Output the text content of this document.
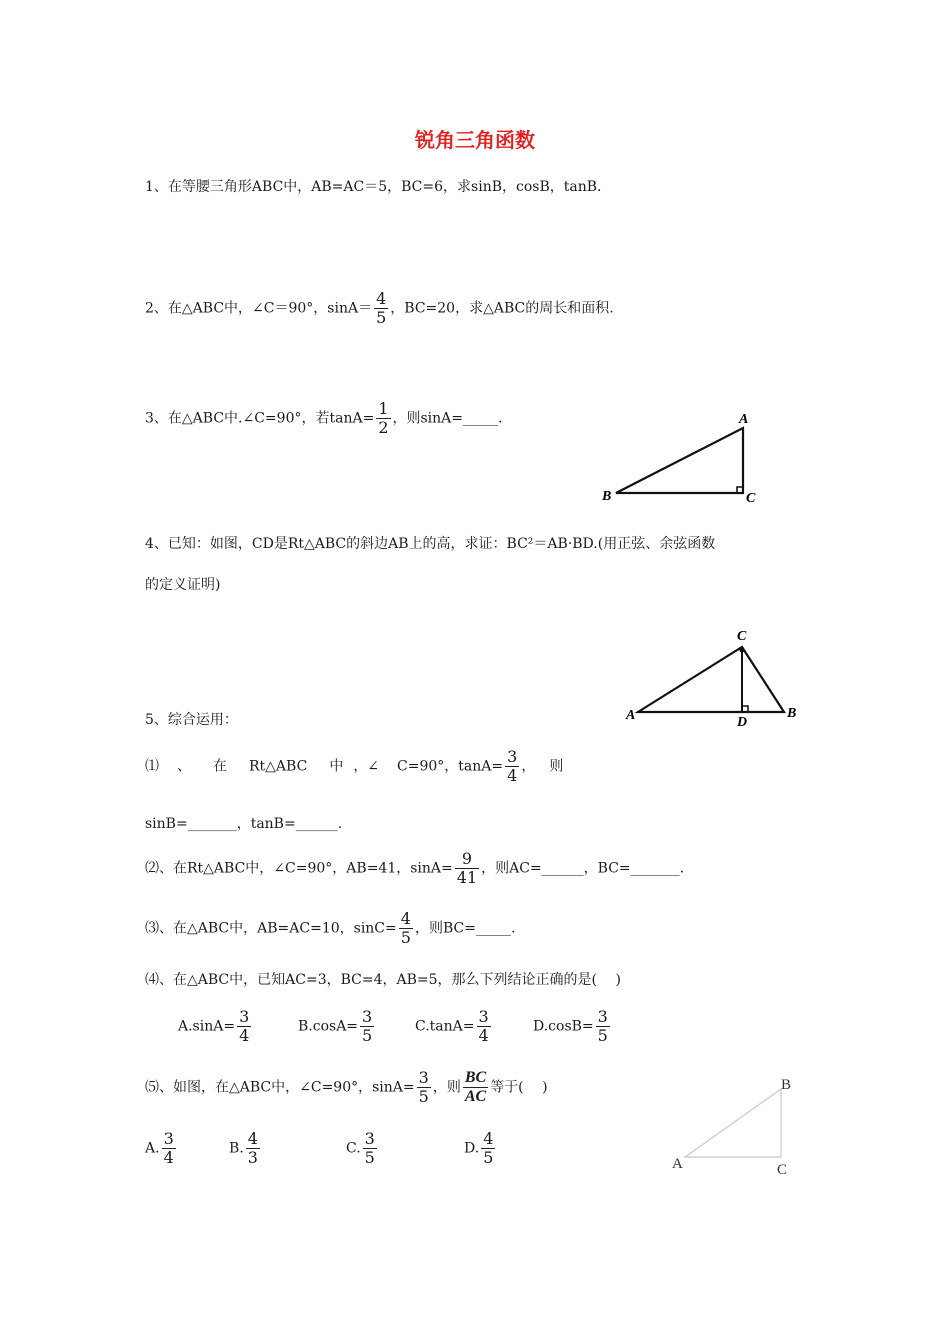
锐角三角函数
1、在等腰三角形ABC中，AB=AC＝5，BC=6，求sinB，cosB，tanB.
2、在△ABC中，∠C＝90°，$\sin A= \frac{4}{5}$ ，BC=20，求△ABC的周长和面积.
3、在△ABC中.∠C=90°，若$\tan A= \frac{1}{2}$ ，则sinA=_____.	A
B	C
4、已知：如图，CD是Rt△ABC的斜边AB上的高，求证：BC²＝AB·BD.(用正弦、余弦函数
的定义证明)
C
A	B
D
5、综合运用：
⑴ 、 在 Rt△ABC 中 ，∠ C=90°，$\tan A= \frac{3}{4}$ ， 则
sinB=_______，tanB=______.
⑵、在Rt△ABC中，∠C=90°，AB=41，$\sin A= \frac{9}{41}$ ，则AC=______，BC=_______.
⑶、在△ABC中，AB=AC=10，$\sin C= \frac{4}{5}$ ，则BC=_____.
⑷、在△ABC中，已知AC=3，BC=4，AB=5，那么下列结论正确的是(　 )
$A.\sin A= \frac{3}{4}$	$B.\cos A= \frac{3}{5}$	$C.\tan A= \frac{3}{4}$	$D.\cos B= \frac{3}{5}$
⑸、如图，在△ABC中，∠C=90°，$\sin A= \frac{3}{5}$ ，则 $\frac{BC}{AC}$ 等于(　 )
A. $\frac{3}{4}$	B. $\frac{4}{3}$	C. $\frac{3}{5}$	D. $\frac{4}{5}$
B
A	C
